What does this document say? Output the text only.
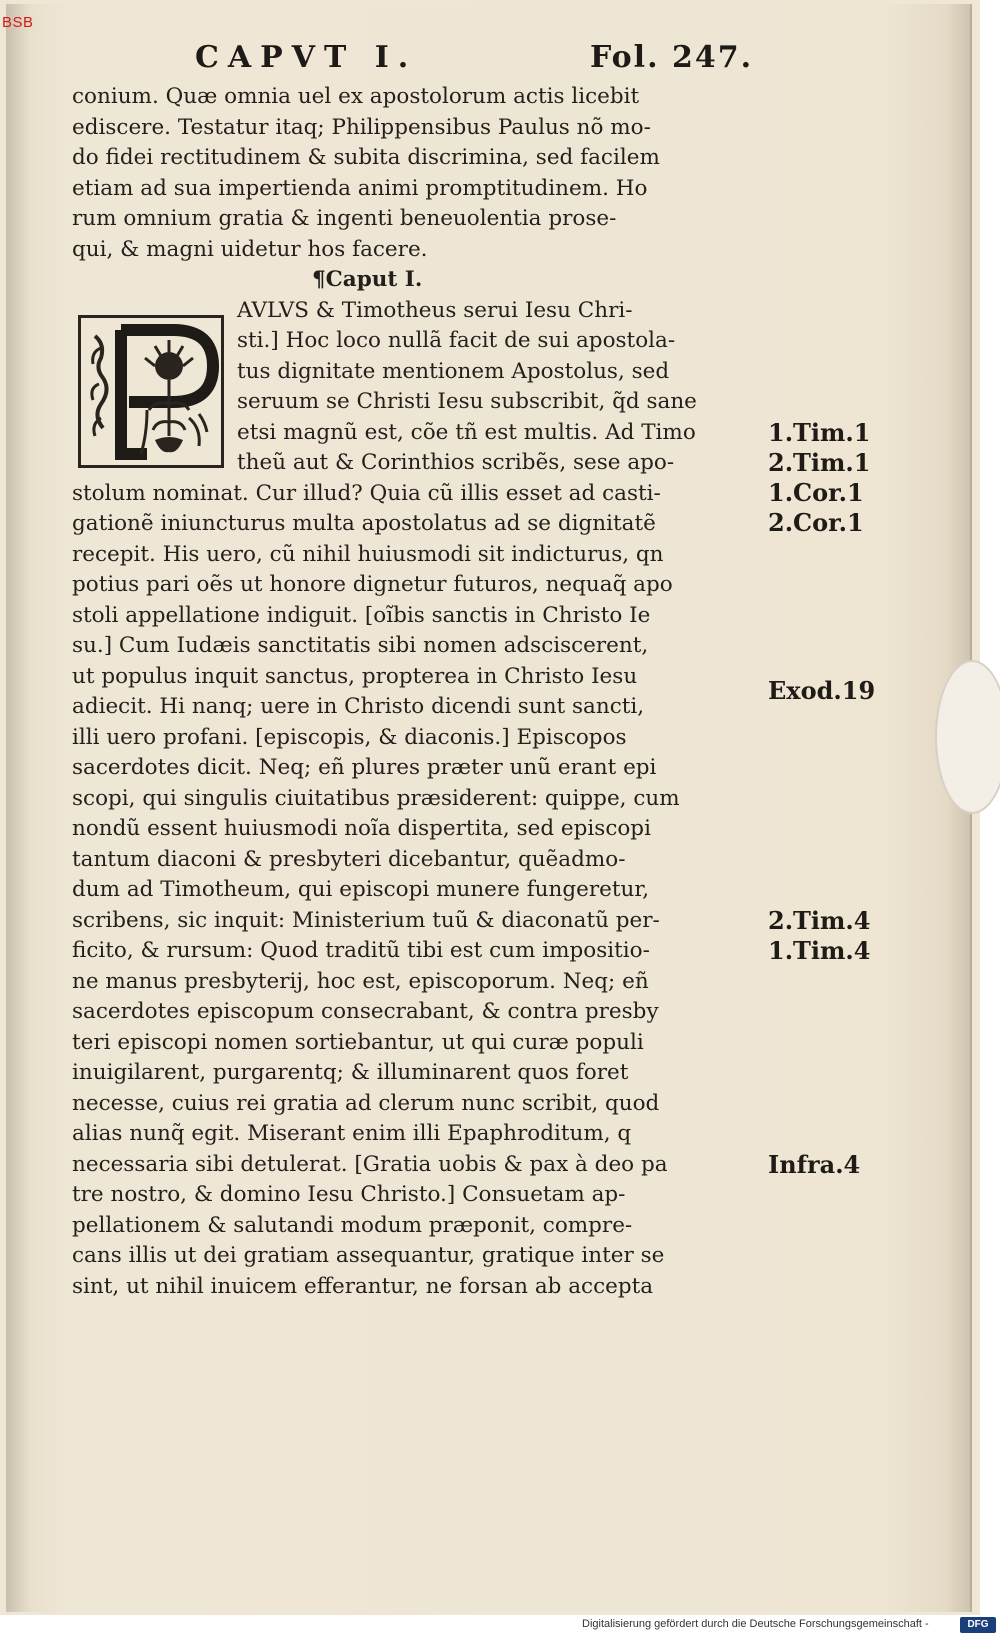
BSB
CAPVT I.	Fol. 247.
conium. Quæ omnia uel ex apostolorum actis licebit
ediscere. Testatur itaq; Philippensibus Paulus nõ mo-
do fidei rectitudinem & subita discrimina, sed facilem
etiam ad sua impertienda animi promptitudinem. Ho
rum omnium gratia & ingenti beneuolentia prose-
qui, & magni uidetur hos facere.
¶Caput I.
AVLVS & Timotheus serui Iesu Chri-
sti.] Hoc loco nullã facit de sui apostola-
tus dignitate mentionem Apostolus, sed
seruum se Christi Iesu subscribit, q̃d sane
etsi magnũ est, cõe tñ est multis. Ad Timo
theũ aut & Corinthios scribẽs, sese apo-
stolum nominat. Cur illud? Quia cũ illis esset ad casti-
gationẽ iniuncturus multa apostolatus ad se dignitatẽ
recepit. His uero, cũ nihil huiusmodi sit indicturus, qn
potius pari oẽs ut honore dignetur futuros, nequaq̃ apo
stoli appellatione indiguit. [oĩbis sanctis in Christo Ie
su.] Cum Iudæis sanctitatis sibi nomen adsciscerent,
ut populus inquit sanctus, propterea in Christo Iesu
adiecit. Hi nanq; uere in Christo dicendi sunt sancti,
illi uero profani. [episcopis, & diaconis.] Episcopos
sacerdotes dicit. Neq; eñ plures præter unũ erant epi
scopi, qui singulis ciuitatibus præsiderent: quippe, cum
nondũ essent huiusmodi noĩa dispertita, sed episcopi
tantum diaconi & presbyteri dicebantur, quẽadmo-
dum ad Timotheum, qui episcopi munere fungeretur,
scribens, sic inquit: Ministerium tuũ & diaconatũ per-
ficito, & rursum: Quod traditũ tibi est cum impositio-
ne manus presbyterij, hoc est, episcoporum. Neq; eñ
sacerdotes episcopum consecrabant, & contra presby
teri episcopi nomen sortiebantur, ut qui curæ populi
inuigilarent, purgarentq; & illuminarent quos foret
necesse, cuius rei gratia ad clerum nunc scribit, quod
alias nunq̃ egit. Miserant enim illi Epaphroditum, q
necessaria sibi detulerat. [Gratia uobis & pax à deo pa
tre nostro, & domino Iesu Christo.] Consuetam ap-
pellationem & salutandi modum præponit, compre-
cans illis ut dei gratiam assequantur, gratique inter se
sint, ut nihil inuicem efferantur, ne forsan ab accepta
1.Tim.1
2.Tim.1
1.Cor.1
2.Cor.1
Exod.19
2.Tim.4
1.Tim.4
Infra.4
Digitalisierung gefördert durch die Deutsche Forschungsgemeinschaft -	DFG
